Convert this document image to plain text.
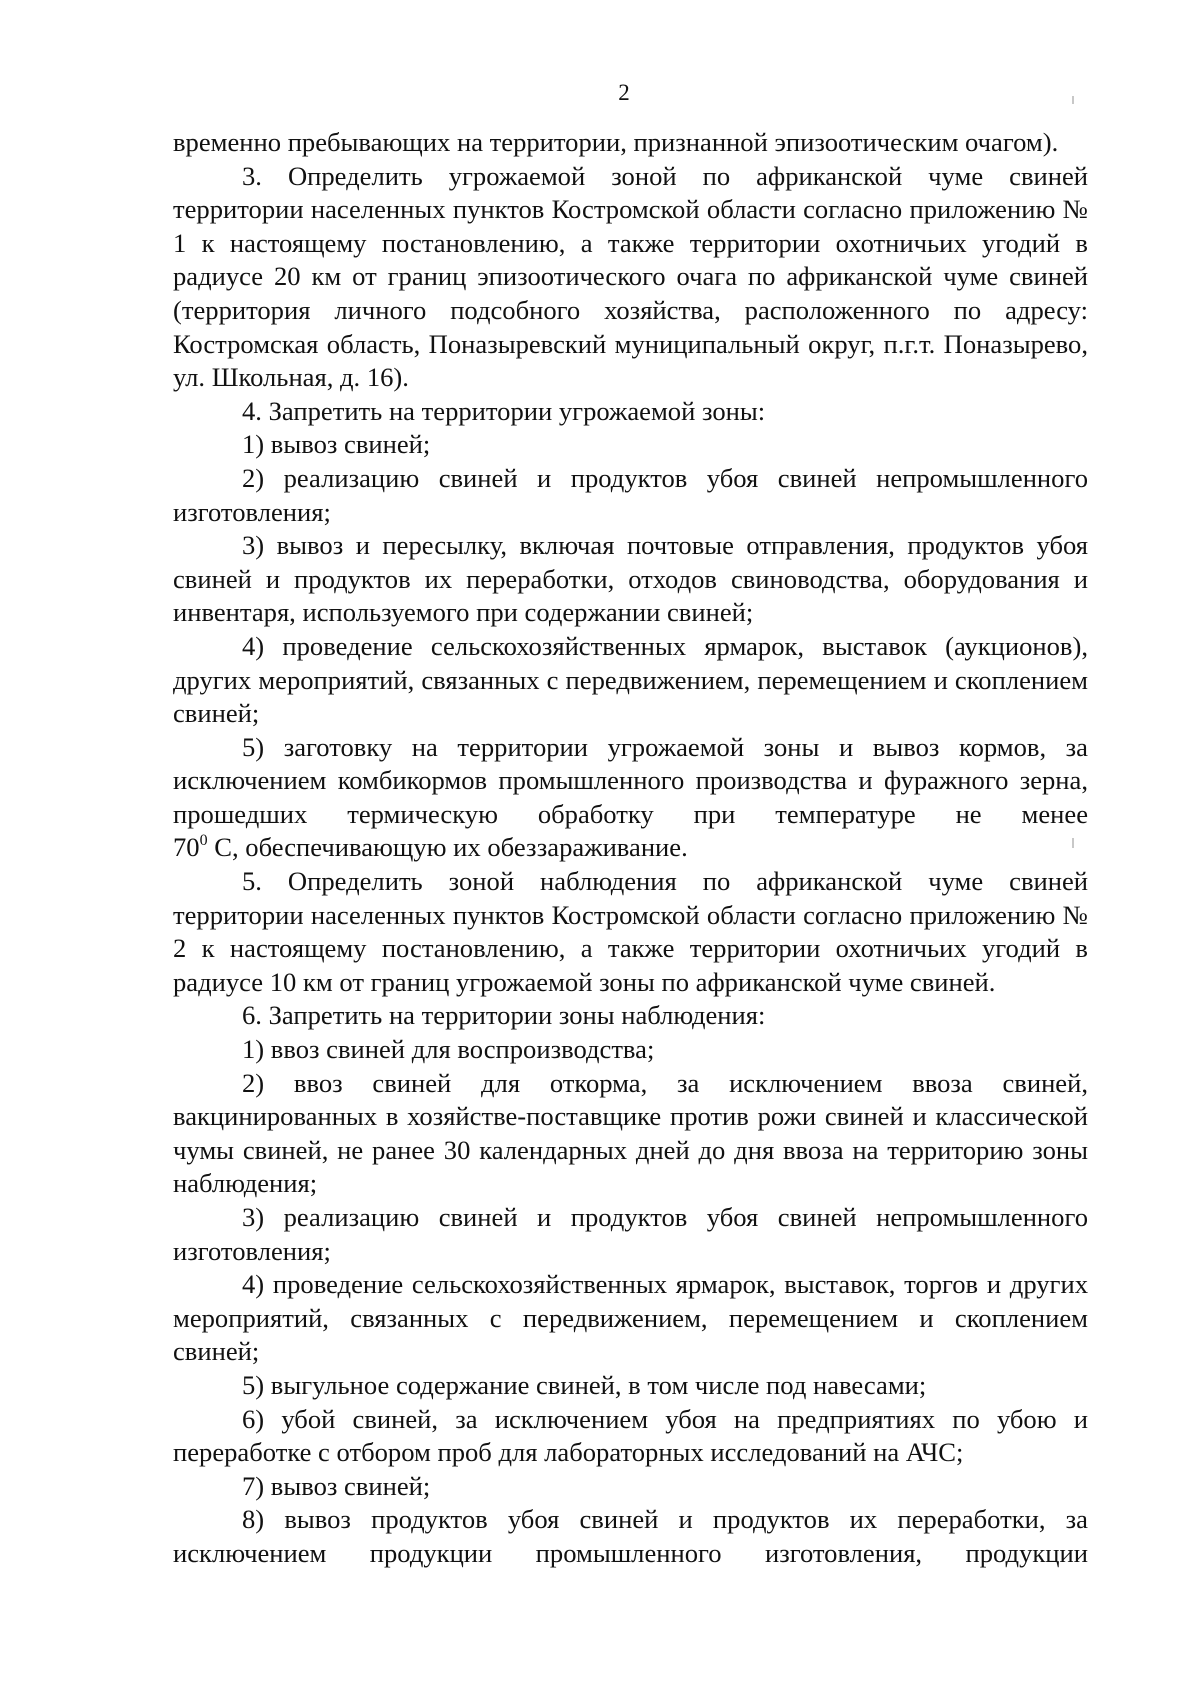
2

временно пребывающих на территории, признанной эпизоотическим очагом).

3. Определить угрожаемой зоной по африканской чуме свиней территории населенных пунктов Костромской области согласно приложению № 1 к настоящему постановлению, а также территории охотничьих угодий в радиусе 20 км от границ эпизоотического очага по африканской чуме свиней (территория личного подсобного хозяйства, расположенного по адресу: Костромская область, Поназыревский муниципальный округ, п.г.т. Поназырево, ул. Школьная, д. 16).

4. Запретить на территории угрожаемой зоны:

1) вывоз свиней;

2) реализацию свиней и продуктов убоя свиней непромышленного изготовления;

3) вывоз и пересылку, включая почтовые отправления, продуктов убоя свиней и продуктов их переработки, отходов свиноводства, оборудования и инвентаря, используемого при содержании свиней;

4) проведение сельскохозяйственных ярмарок, выставок (аукционов), других мероприятий, связанных с передвижением, перемещением и скоплением свиней;

5) заготовку на территории угрожаемой зоны и вывоз кормов, за исключением комбикормов промышленного производства и фуражного зерна, прошедших термическую обработку при температуре не менее

$70^0$ С, обеспечивающую их обеззараживание.

5. Определить зоной наблюдения по африканской чуме свиней территории населенных пунктов Костромской области согласно приложению № 2 к настоящему постановлению, а также территории охотничьих угодий в радиусе 10 км от границ угрожаемой зоны по африканской чуме свиней.

6. Запретить на территории зоны наблюдения:

1) ввоз свиней для воспроизводства;

2) ввоз свиней для откорма, за исключением ввоза свиней, вакцинированных в хозяйстве-поставщике против рожи свиней и классической чумы свиней, не ранее 30 календарных дней до дня ввоза на территорию зоны наблюдения;

3) реализацию свиней и продуктов убоя свиней непромышленного изготовления;

4) проведение сельскохозяйственных ярмарок, выставок, торгов и других мероприятий, связанных с передвижением, перемещением и скоплением свиней;

5) выгульное содержание свиней, в том числе под навесами;

6) убой свиней, за исключением убоя на предприятиях по убою и переработке с отбором проб для лабораторных исследований на АЧС;

7) вывоз свиней;

8) вывоз продуктов убоя свиней и продуктов их переработки, за исключением продукции промышленного изготовления, продукции
